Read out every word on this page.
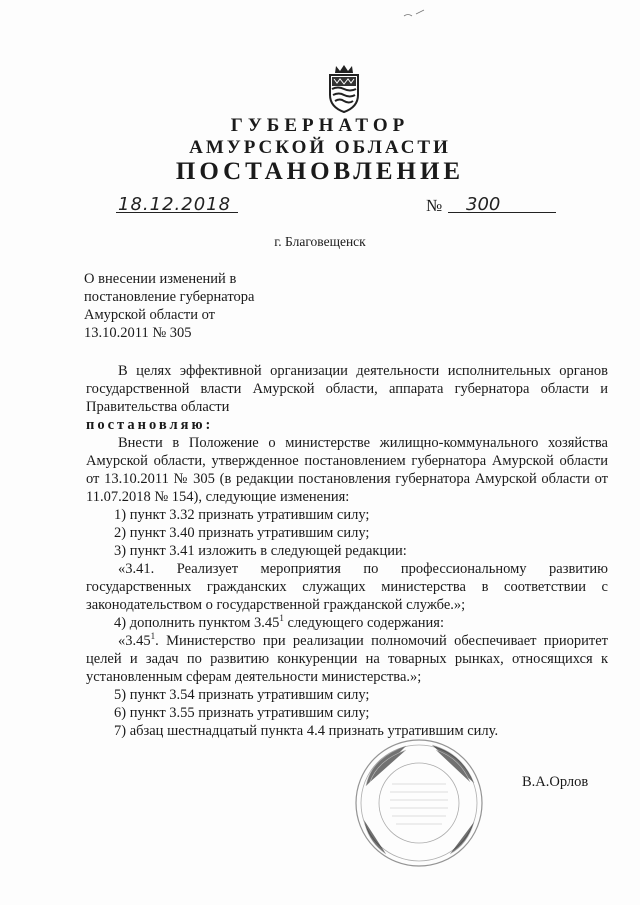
ГУБЕРНАТОР
АМУРСКОЙ ОБЛАСТИ
ПОСТАНОВЛЕНИЕ
18.12.2018	№ 300
г. Благовещенск
О внесении изменений в
постановление губернатора
Амурской области от
13.10.2011 № 305

В целях эффективной организации деятельности исполнительных органов государственной власти Амурской области, аппарата губернатора области и Правительства области

постановляю:

Внести в Положение о министерстве жилищно-коммунального хозяйства Амурской области, утвержденное постановлением губернатора Амурской области от 13.10.2011 № 305 (в редакции постановления губернатора Амурской области от 11.07.2018 № 154), следующие изменения:

1) пункт 3.32 признать утратившим силу;

2) пункт 3.40 признать утратившим силу;

3) пункт 3.41 изложить в следующей редакции:

«3.41. Реализует мероприятия по профессиональному развитию государственных гражданских служащих министерства в соответствии с законодательством о государственной гражданской службе.»;

4) дополнить пунктом 3.45$^1$ следующего содержания:

«3.45$^1$. Министерство при реализации полномочий обеспечивает приоритет целей и задач по развитию конкуренции на товарных рынках, относящихся к установленным сферам деятельности министерства.»;

5) пункт 3.54 признать утратившим силу;

6) пункт 3.55 признать утратившим силу;

7) абзац шестнадцатый пункта 4.4 признать утратившим силу.

В.А.Орлов
